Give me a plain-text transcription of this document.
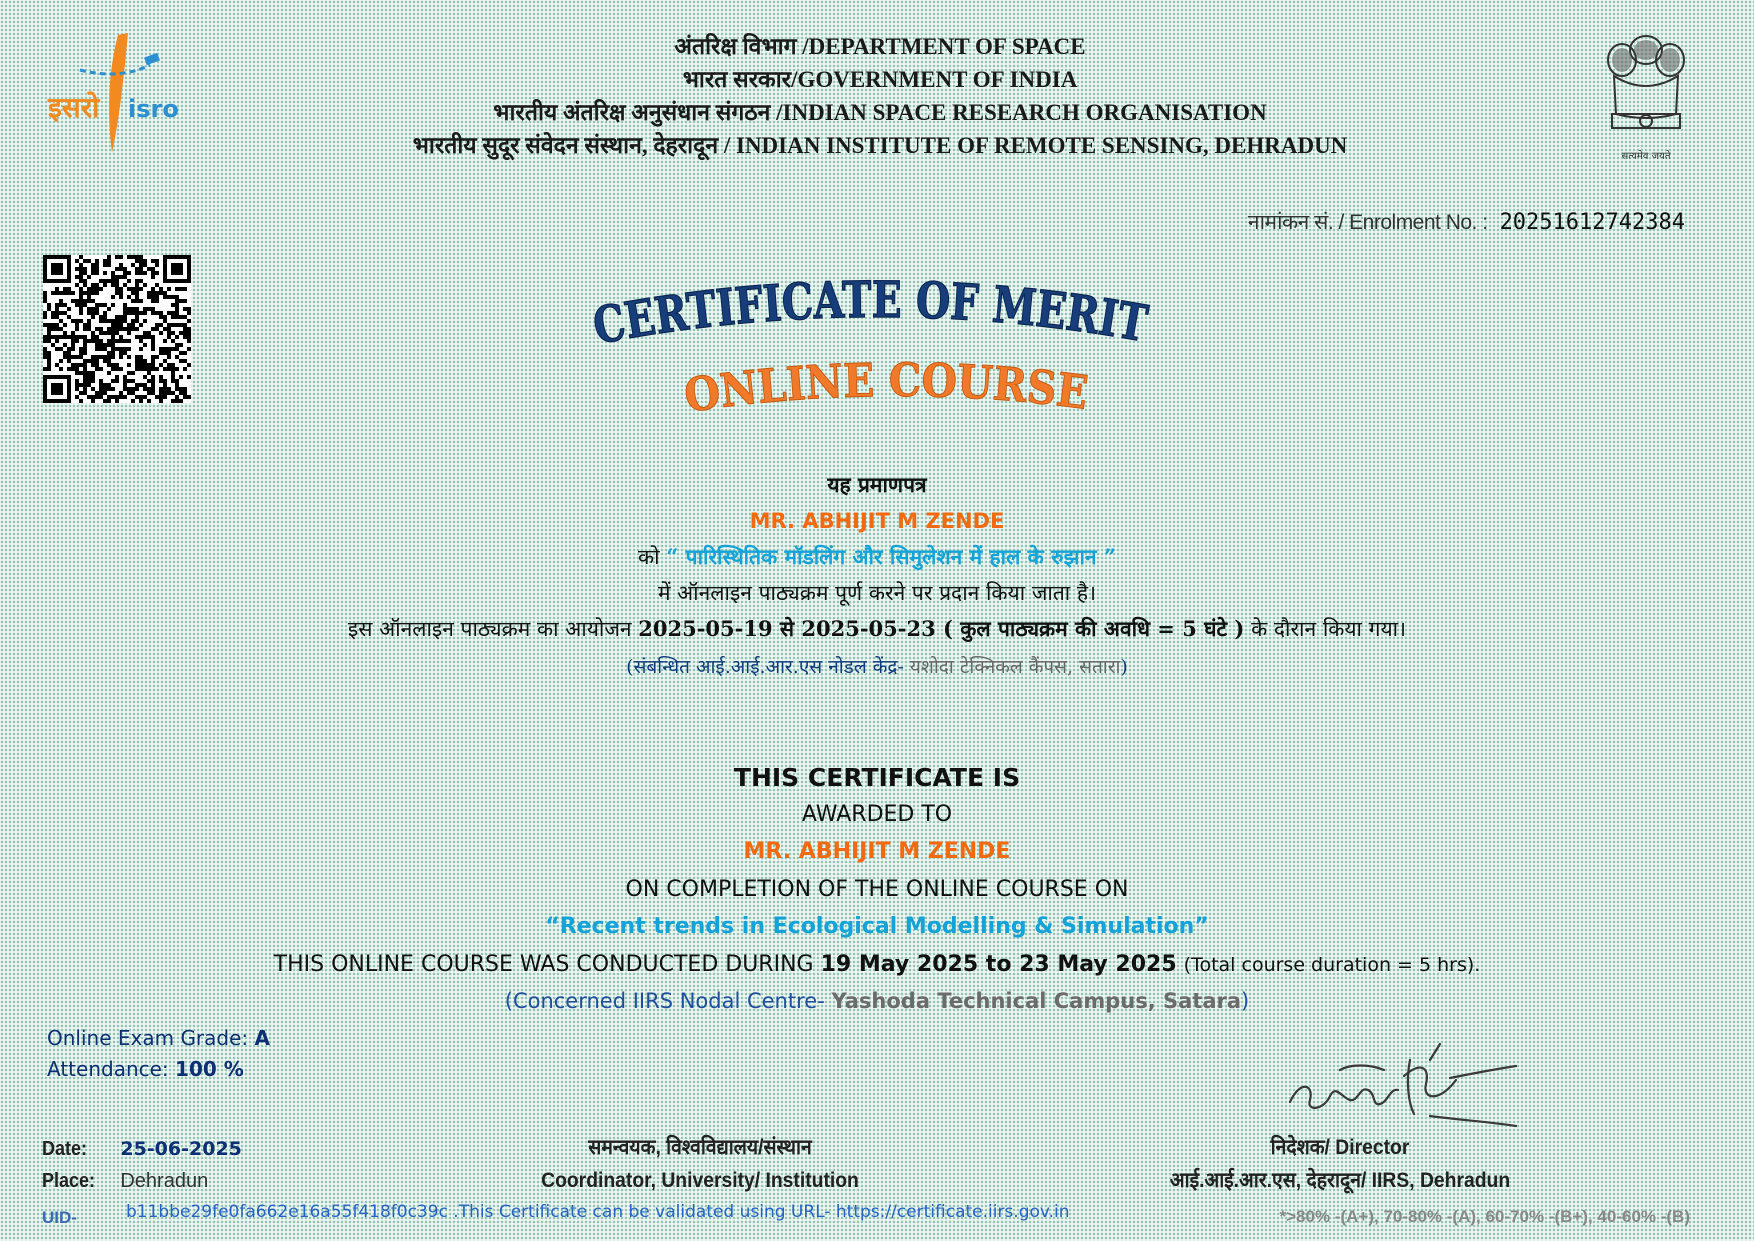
अंतरिक्ष विभाग /DEPARTMENT OF SPACE
भारत सरकार/GOVERNMENT OF INDIA
भारतीय अंतरिक्ष अनुसंधान संगठन /INDIAN SPACE RESEARCH ORGANISATION
भारतीय सुदूर संवेदन संस्थान, देहरादून / INDIAN INSTITUTE OF REMOTE SENSING, DEHRADUN
इसरो isro
सत्यमेव जयते
नामांकन सं. / Enrolment No. : 20251612742384
CERTIFICATE OF MERIT
ONLINE COURSE
यह प्रमाणपत्र
MR. ABHIJIT M ZENDE
को “ पारिस्थितिक मॉडलिंग और सिमुलेशन में हाल के रुझान ”
में ऑनलाइन पाठ्यक्रम पूर्ण करने पर प्रदान किया जाता है।
इस ऑनलाइन पाठ्यक्रम का आयोजन 2025-05-19 से 2025-05-23 ( कुल पाठ्यक्रम की अवधि = 5 घंटे ) के दौरान किया गया।
(संबन्धित आई.आई.आर.एस नोडल केंद्र- यशोदा टेक्निकल कैंपस, सतारा)
THIS CERTIFICATE IS
AWARDED TO
MR. ABHIJIT M ZENDE
ON COMPLETION OF THE ONLINE COURSE ON
“Recent trends in Ecological Modelling & Simulation”
THIS ONLINE COURSE WAS CONDUCTED DURING 19 May 2025 to 23 May 2025 (Total course duration = 5 hrs).
(Concerned IIRS Nodal Centre- Yashoda Technical Campus, Satara)
Online Exam Grade: A
Attendance: 100 %
Date: 25-06-2025
Place: Dehradun
समन्वयक, विश्वविद्यालय/संस्थान
Coordinator, University/ Institution
निदेशक/ Director
आई.आई.आर.एस, देहरादून/ IIRS, Dehradun
UID-	b11bbe29fe0fa662e16a55f418f0c39c .This Certificate can be validated using URL- https://certificate.iirs.gov.in	*>80% -(A+), 70-80% -(A), 60-70% -(B+), 40-60% -(B)
